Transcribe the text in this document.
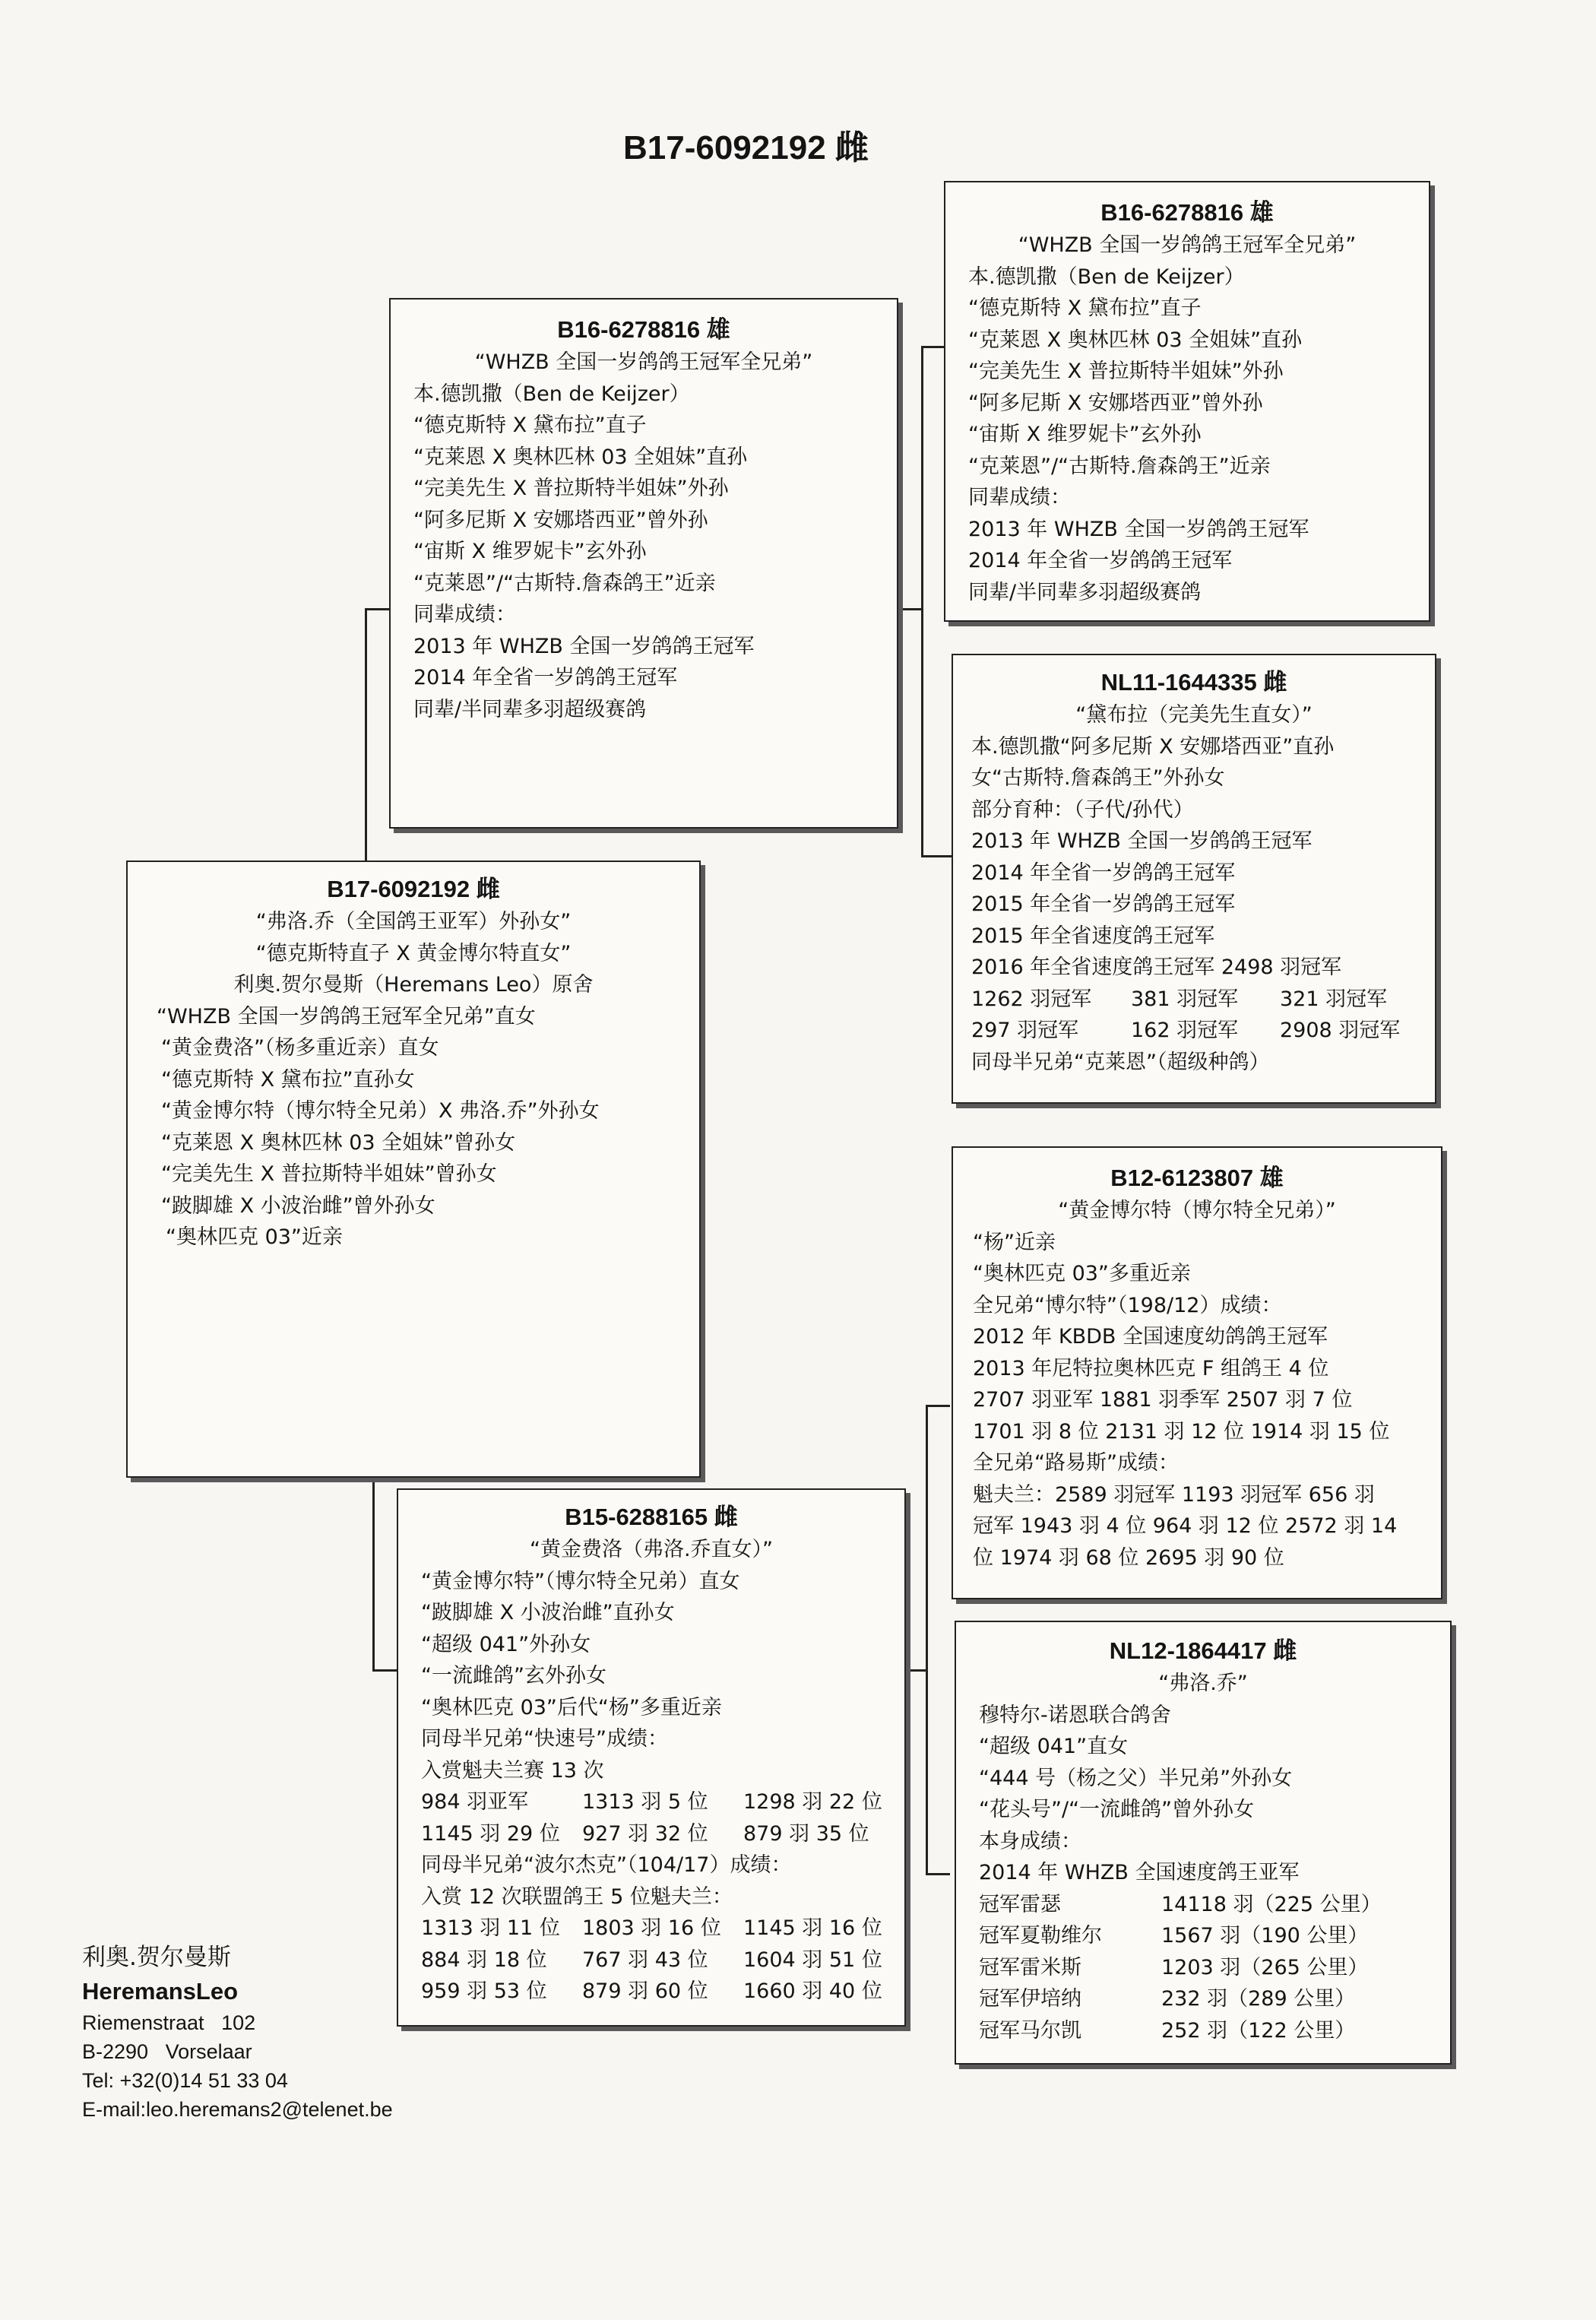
B17-6092192 雌
B17-6092192 雌
“弗洛.乔（全国鸽王亚军）外孙女”
“德克斯特直子 X 黄金博尔特直女”
利奥.贺尔曼斯（Heremans Leo）原舍
“WHZB 全国一岁鸽鸽王冠军全兄弟”直女
“黄金费洛”（杨多重近亲）直女
“德克斯特 X 黛布拉”直孙女
“黄金博尔特（博尔特全兄弟）X 弗洛.乔”外孙女
“克莱恩 X 奥林匹林 03 全姐妹”曾孙女
“完美先生 X 普拉斯特半姐妹”曾孙女
“跛脚雄 X 小波治雌”曾外孙女
“奥林匹克 03”近亲
B16-6278816 雄
“WHZB 全国一岁鸽鸽王冠军全兄弟”
本.德凯撒（Ben de Keijzer）
“德克斯特 X 黛布拉”直子
“克莱恩 X 奥林匹林 03 全姐妹”直孙
“完美先生 X 普拉斯特半姐妹”外孙
“阿多尼斯 X 安娜塔西亚”曾外孙
“宙斯 X 维罗妮卡”玄外孙
“克莱恩”/“古斯特.詹森鸽王”近亲
同辈成绩：
2013 年 WHZB 全国一岁鸽鸽王冠军
2014 年全省一岁鸽鸽王冠军
同辈/半同辈多羽超级赛鸽
B15-6288165 雌
“黄金费洛（弗洛.乔直女）”
“黄金博尔特”（博尔特全兄弟）直女
“跛脚雄 X 小波治雌”直孙女
“超级 041”外孙女
“一流雌鸽”玄外孙女
“奥林匹克 03”后代“杨”多重近亲
同母半兄弟“快速号”成绩：
入赏魁夫兰赛 13 次
984 羽亚军	1313 羽 5 位 1298 羽 22 位
1145 羽 29 位 927 羽 32 位 879 羽 35 位
同母半兄弟“波尔杰克”（104/17）成绩：
入赏 12 次联盟鸽王 5 位魁夫兰：
1313 羽 11 位 1803 羽 16 位 1145 羽 16 位
884 羽 18 位 767 羽 43 位 1604 羽 51 位
959 羽 53 位 879 羽 60 位 1660 羽 40 位
B16-6278816 雄
“WHZB 全国一岁鸽鸽王冠军全兄弟”
本.德凯撒（Ben de Keijzer）
“德克斯特 X 黛布拉”直子
“克莱恩 X 奥林匹林 03 全姐妹”直孙
“完美先生 X 普拉斯特半姐妹”外孙
“阿多尼斯 X 安娜塔西亚”曾外孙
“宙斯 X 维罗妮卡”玄外孙
“克莱恩”/“古斯特.詹森鸽王”近亲
同辈成绩：
2013 年 WHZB 全国一岁鸽鸽王冠军
2014 年全省一岁鸽鸽王冠军
同辈/半同辈多羽超级赛鸽
NL11-1644335 雌
“黛布拉（完美先生直女）”
本.德凯撒“阿多尼斯 X 安娜塔西亚”直孙
女“古斯特.詹森鸽王”外孙女
部分育种：（子代/孙代）
2013 年 WHZB 全国一岁鸽鸽王冠军
2014 年全省一岁鸽鸽王冠军
2015 年全省一岁鸽鸽王冠军
2015 年全省速度鸽王冠军
2016 年全省速度鸽王冠军 2498 羽冠军
1262 羽冠军 381 羽冠军 321 羽冠军
297 羽冠军	162 羽冠军 2908 羽冠军
同母半兄弟“克莱恩”（超级种鸽）
B12-6123807 雄
“黄金博尔特（博尔特全兄弟）”
“杨”近亲
“奥林匹克 03”多重近亲
全兄弟“博尔特”（198/12）成绩：
2012 年 KBDB 全国速度幼鸽鸽王冠军
2013 年尼特拉奥林匹克 F 组鸽王 4 位
2707 羽亚军 1881 羽季军 2507 羽 7 位
1701 羽 8 位 2131 羽 12 位 1914 羽 15 位
全兄弟“路易斯”成绩：
魁夫兰：2589 羽冠军 1193 羽冠军 656 羽
冠军 1943 羽 4 位 964 羽 12 位 2572 羽 14
位 1974 羽 68 位 2695 羽 90 位
NL12-1864417 雌
“弗洛.乔”
穆特尔-诺恩联合鸽舍
“超级 041”直女
“444 号（杨之父）半兄弟”外孙女
“花头号”/“一流雌鸽”曾外孙女
本身成绩：
2014 年 WHZB 全国速度鸽王亚军
冠军雷瑟	14118 羽（225 公里）
冠军夏勒维尔	1567 羽（190 公里）
冠军雷米斯	1203 羽（265 公里）
冠军伊培纳	232 羽（289 公里）
冠军马尔凯	252 羽（122 公里）
利奥.贺尔曼斯
HeremansLeo
Riemenstraat   102
B-2290   Vorselaar
Tel: +32(0)14 51 33 04
E-mail:leo.heremans2@telenet.be
